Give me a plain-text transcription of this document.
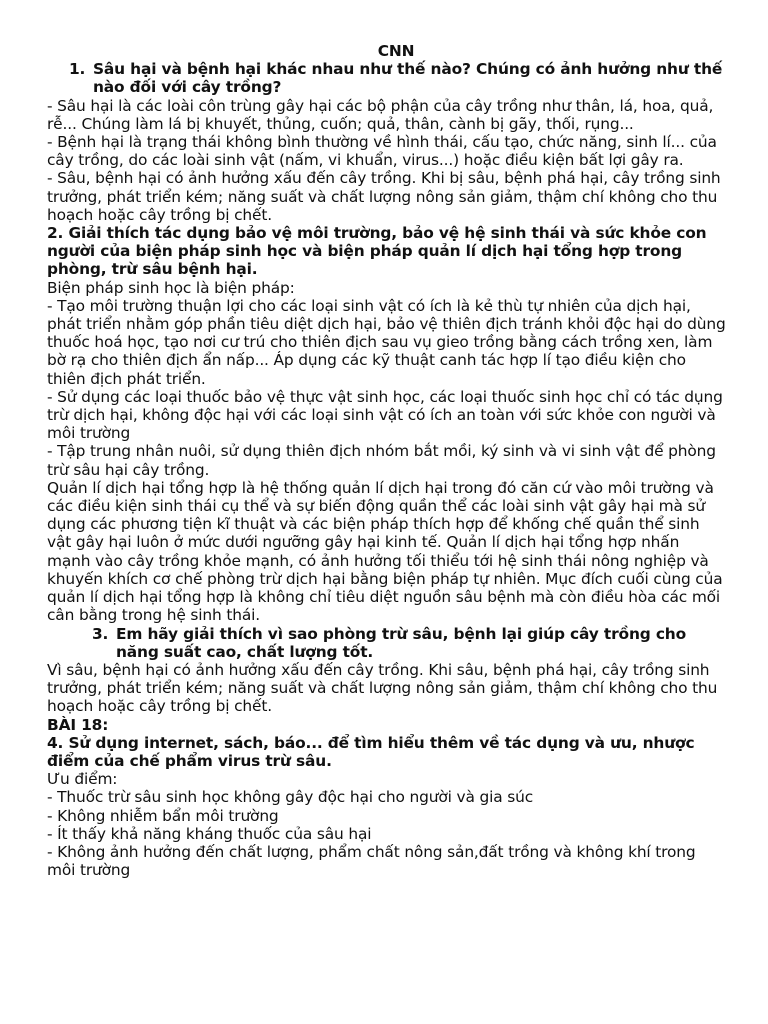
CNN

1. Sâu hại và bệnh hại khác nhau như thế nào? Chúng có ảnh hưởng như thế nào đối với cây trồng?

- Sâu hại là các loài côn trùng gây hại các bộ phận của cây trồng như thân, lá, hoa, quả, rễ... Chúng làm lá bị khuyết, thủng, cuốn; quả, thân, cành bị gãy, thối, rụng...

- Bệnh hại là trạng thái không bình thường về hình thái, cấu tạo, chức năng, sinh lí... của cây trồng, do các loài sinh vật (nấm, vi khuẩn, virus...) hoặc điều kiện bất lợi gây ra.

- Sâu, bệnh hại có ảnh hưởng xấu đến cây trồng. Khi bị sâu, bệnh phá hại, cây trồng sinh trưởng, phát triển kém; năng suất và chất lượng nông sản giảm, thậm chí không cho thu hoạch hoặc cây trồng bị chết.

2. Giải thích tác dụng bảo vệ môi trường, bảo vệ hệ sinh thái và sức khỏe con người của biện pháp sinh học và biện pháp quản lí dịch hại tổng hợp trong phòng, trừ sâu bệnh hại.

Biện pháp sinh học là biện pháp:

- Tạo môi trường thuận lợi cho các loại sinh vật có ích là kẻ thù tự nhiên của dịch hại, phát triển nhằm góp phần tiêu diệt dịch hại, bảo vệ thiên địch tránh khỏi độc hại do dùng thuốc hoá học, tạo nơi cư trú cho thiên địch sau vụ gieo trồng bằng cách trồng xen, làm bờ rạ cho thiên địch ẩn nấp... Áp dụng các kỹ thuật canh tác hợp lí tạo điều kiện cho thiên địch phát triển.

- Sử dụng các loại thuốc bảo vệ thực vật sinh học, các loại thuốc sinh học chỉ có tác dụng trừ dịch hại, không độc hại với các loại sinh vật có ích an toàn với sức khỏe con người và môi trường

- Tập trung nhân nuôi, sử dụng thiên địch nhóm bắt mồi, ký sinh và vi sinh vật để phòng trừ sâu hại cây trồng.

Quản lí dịch hại tổng hợp là hệ thống quản lí dịch hại trong đó căn cứ vào môi trường và các điều kiện sinh thái cụ thể và sự biến động quần thể các loài sinh vật gây hại mà sử dụng các phương tiện kĩ thuật và các biện pháp thích hợp để khống chế quần thể sinh vật gây hại luôn ở mức dưới ngưỡng gây hại kinh tế. Quản lí dịch hại tổng hợp nhấn mạnh vào cây trồng khỏe mạnh, có ảnh hưởng tối thiểu tới hệ sinh thái nông nghiệp và khuyến khích cơ chế phòng trừ dịch hại bằng biện pháp tự nhiên. Mục đích cuối cùng của quản lí dịch hại tổng hợp là không chỉ tiêu diệt nguồn sâu bệnh mà còn điều hòa các mối cân bằng trong hệ sinh thái.

3. Em hãy giải thích vì sao phòng trừ sâu, bệnh lại giúp cây trồng cho năng suất cao, chất lượng tốt.

Vì sâu, bệnh hại có ảnh hưởng xấu đến cây trồng. Khi sâu, bệnh phá hại, cây trồng sinh trưởng, phát triển kém; năng suất và chất lượng nông sản giảm, thậm chí không cho thu hoạch hoặc cây trồng bị chết.

BÀI 18:

4. Sử dụng internet, sách, báo... để tìm hiểu thêm về tác dụng và ưu, nhược điểm của chế phẩm virus trừ sâu.

Ưu điểm:

- Thuốc trừ sâu sinh học không gây độc hại cho người và gia súc

- Không nhiễm bẩn môi trường

- Ít thấy khả năng kháng thuốc của sâu hại

- Không ảnh hưởng đến chất lượng, phẩm chất nông sản,đất trồng và không khí trong môi trường
